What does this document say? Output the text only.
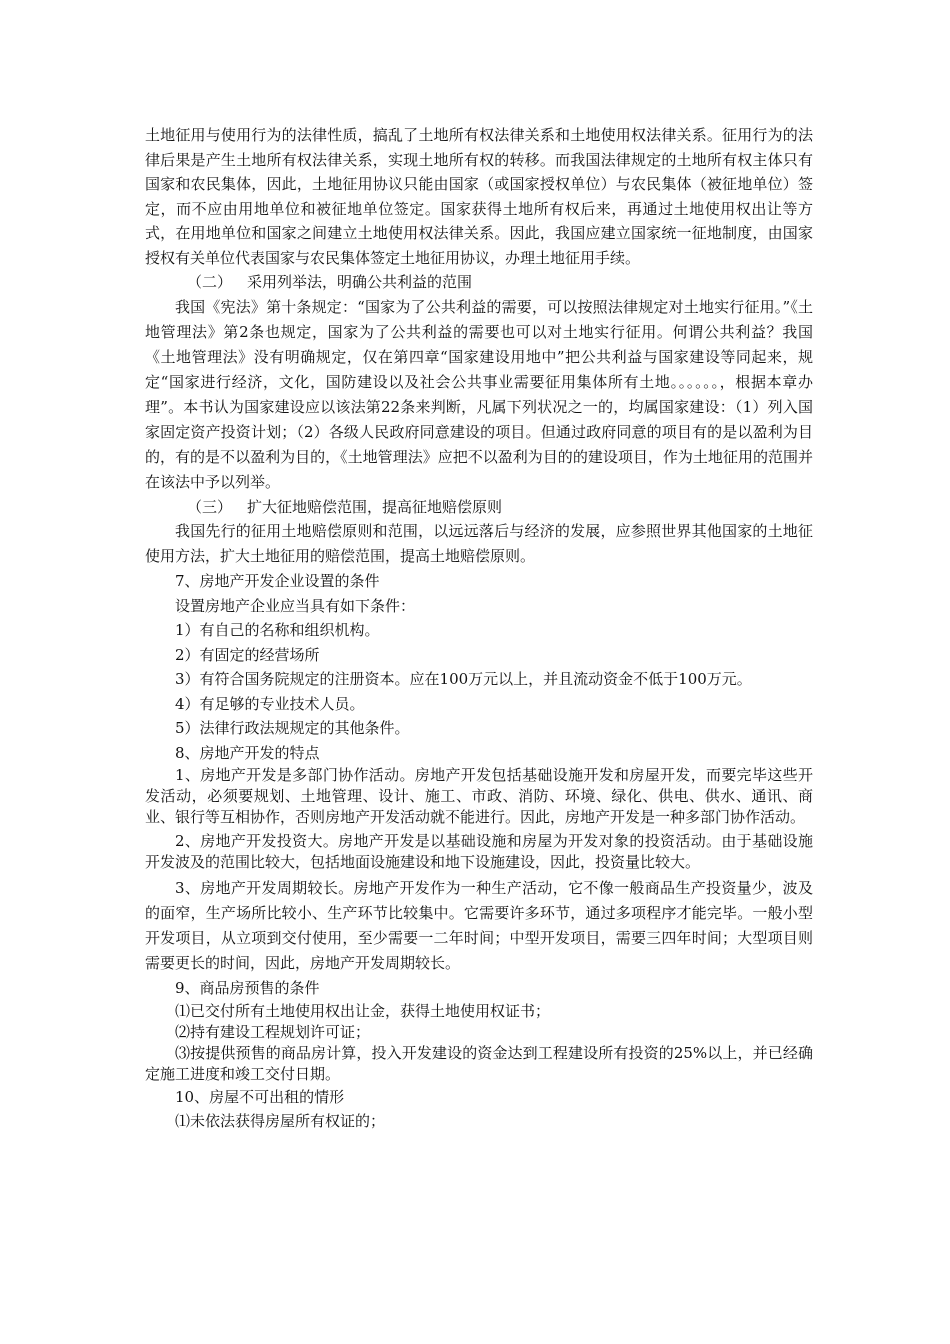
土地征用与使用行为的法律性质，搞乱了土地所有权法律关系和土地使用权法律关系。征用行为的法律后果是产生土地所有权法律关系，实现土地所有权的转移。而我国法律规定的土地所有权主体只有国家和农民集体，因此，土地征用协议只能由国家（或国家授权单位）与农民集体（被征地单位）签定，而不应由用地单位和被征地单位签定。国家获得土地所有权后来，再通过土地使用权出让等方式，在用地单位和国家之间建立土地使用权法律关系。因此，我国应建立国家统一征地制度，由国家授权有关单位代表国家与农民集体签定土地征用协议，办理土地征用手续。

（二） 采用列举法，明确公共利益的范围

我国《宪法》第十条规定：“国家为了公共利益的需要，可以按照法律规定对土地实行征用。”《土地管理法》第2条也规定，国家为了公共利益的需要也可以对土地实行征用。何谓公共利益？我国《土地管理法》没有明确规定，仅在第四章“国家建设用地中”把公共利益与国家建设等同起来，规定“国家进行经济，文化，国防建设以及社会公共事业需要征用集体所有土地。。。。。。，根据本章办理”。本书认为国家建设应以该法第22条来判断，凡属下列状况之一的，均属国家建设：（1）列入国家固定资产投资计划；（2）各级人民政府同意建设的项目。但通过政府同意的项目有的是以盈利为目的，有的是不以盈利为目的，《土地管理法》应把不以盈利为目的的建设项目，作为土地征用的范围并在该法中予以列举。

（三） 扩大征地赔偿范围，提高征地赔偿原则

我国先行的征用土地赔偿原则和范围，以远远落后与经济的发展，应参照世界其他国家的土地征使用方法，扩大土地征用的赔偿范围，提高土地赔偿原则。

7、房地产开发企业设置的条件
设置房地产企业应当具有如下条件：
1）有自己的名称和组织机构。
2）有固定的经营场所
3）有符合国务院规定的注册资本。应在100万元以上，并且流动资金不低于100万元。
4）有足够的专业技术人员。
5）法律行政法规规定的其他条件。
8、房地产开发的特点

1、房地产开发是多部门协作活动。房地产开发包括基础设施开发和房屋开发，而要完毕这些开发活动，必须要规划、土地管理、设计、施工、市政、消防、环境、绿化、供电、供水、通讯、商业、银行等互相协作，否则房地产开发活动就不能进行。因此，房地产开发是一种多部门协作活动。

2、房地产开发投资大。房地产开发是以基础设施和房屋为开发对象的投资活动。由于基础设施开发波及的范围比较大，包括地面设施建设和地下设施建设，因此，投资量比较大。

3、房地产开发周期较长。房地产开发作为一种生产活动，它不像一般商品生产投资量少，波及的面窄，生产场所比较小、生产环节比较集中。它需要许多环节，通过多项程序才能完毕。一般小型开发项目，从立项到交付使用，至少需要一二年时间；中型开发项目，需要三四年时间；大型项目则需要更长的时间，因此，房地产开发周期较长。

9、商品房预售的条件
⑴已交付所有土地使用权出让金，获得土地使用权证书；
⑵持有建设工程规划许可证；

⑶按提供预售的商品房计算，投入开发建设的资金达到工程建设所有投资的25%以上，并已经确定施工进度和竣工交付日期。

10、房屋不可出租的情形
⑴未依法获得房屋所有权证的；
